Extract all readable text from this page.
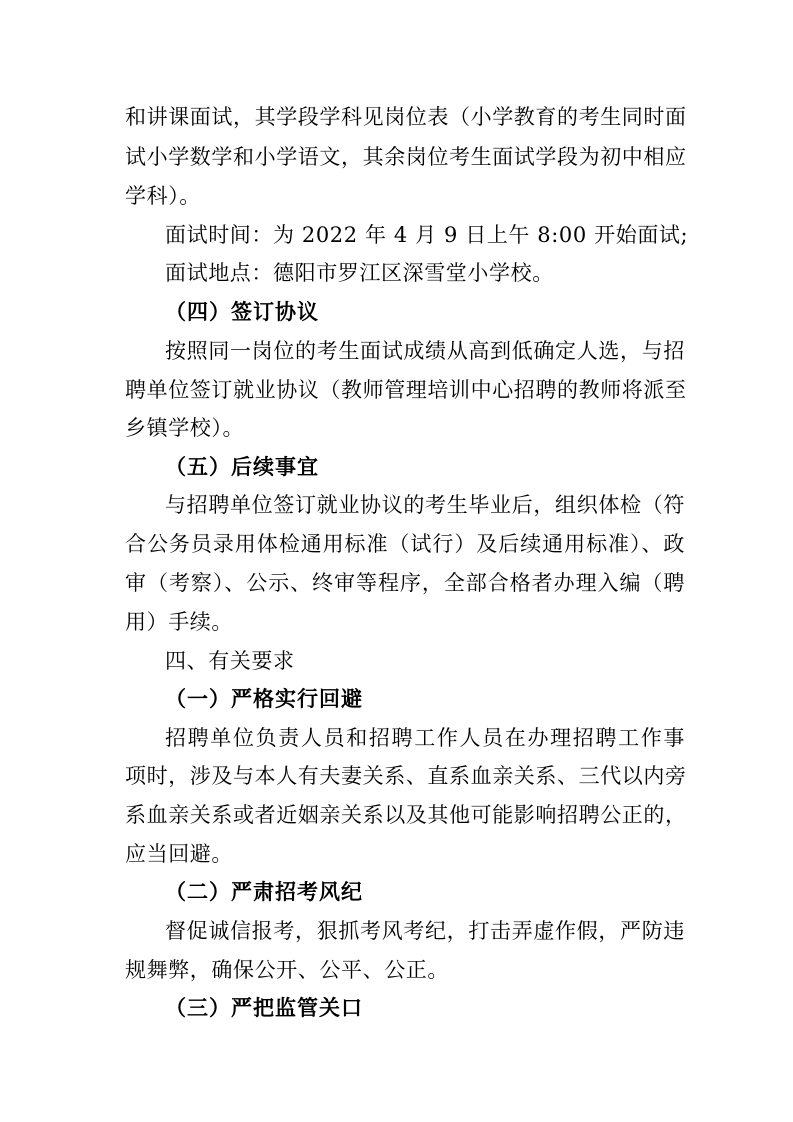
和讲课面试，其学段学科见岗位表（小学教育的考生同时面
试小学数学和小学语文，其余岗位考生面试学段为初中相应
学科）。
面试时间：为 2022 年 4 月 9 日上午 8:00 开始面试;
面试地点：德阳市罗江区深雪堂小学校。
（四）签订协议
按照同一岗位的考生面试成绩从高到低确定人选，与招
聘单位签订就业协议（教师管理培训中心招聘的教师将派至
乡镇学校）。
（五）后续事宜
与招聘单位签订就业协议的考生毕业后，组织体检（符
合公务员录用体检通用标准（试行）及后续通用标准）、政
审（考察）、公示、终审等程序，全部合格者办理入编（聘
用）手续。
四、有关要求
（一）严格实行回避
招聘单位负责人员和招聘工作人员在办理招聘工作事
项时，涉及与本人有夫妻关系、直系血亲关系、三代以内旁
系血亲关系或者近姻亲关系以及其他可能影响招聘公正的，
应当回避。
（二）严肃招考风纪
督促诚信报考，狠抓考风考纪，打击弄虚作假，严防违
规舞弊，确保公开、公平、公正。
（三）严把监管关口
